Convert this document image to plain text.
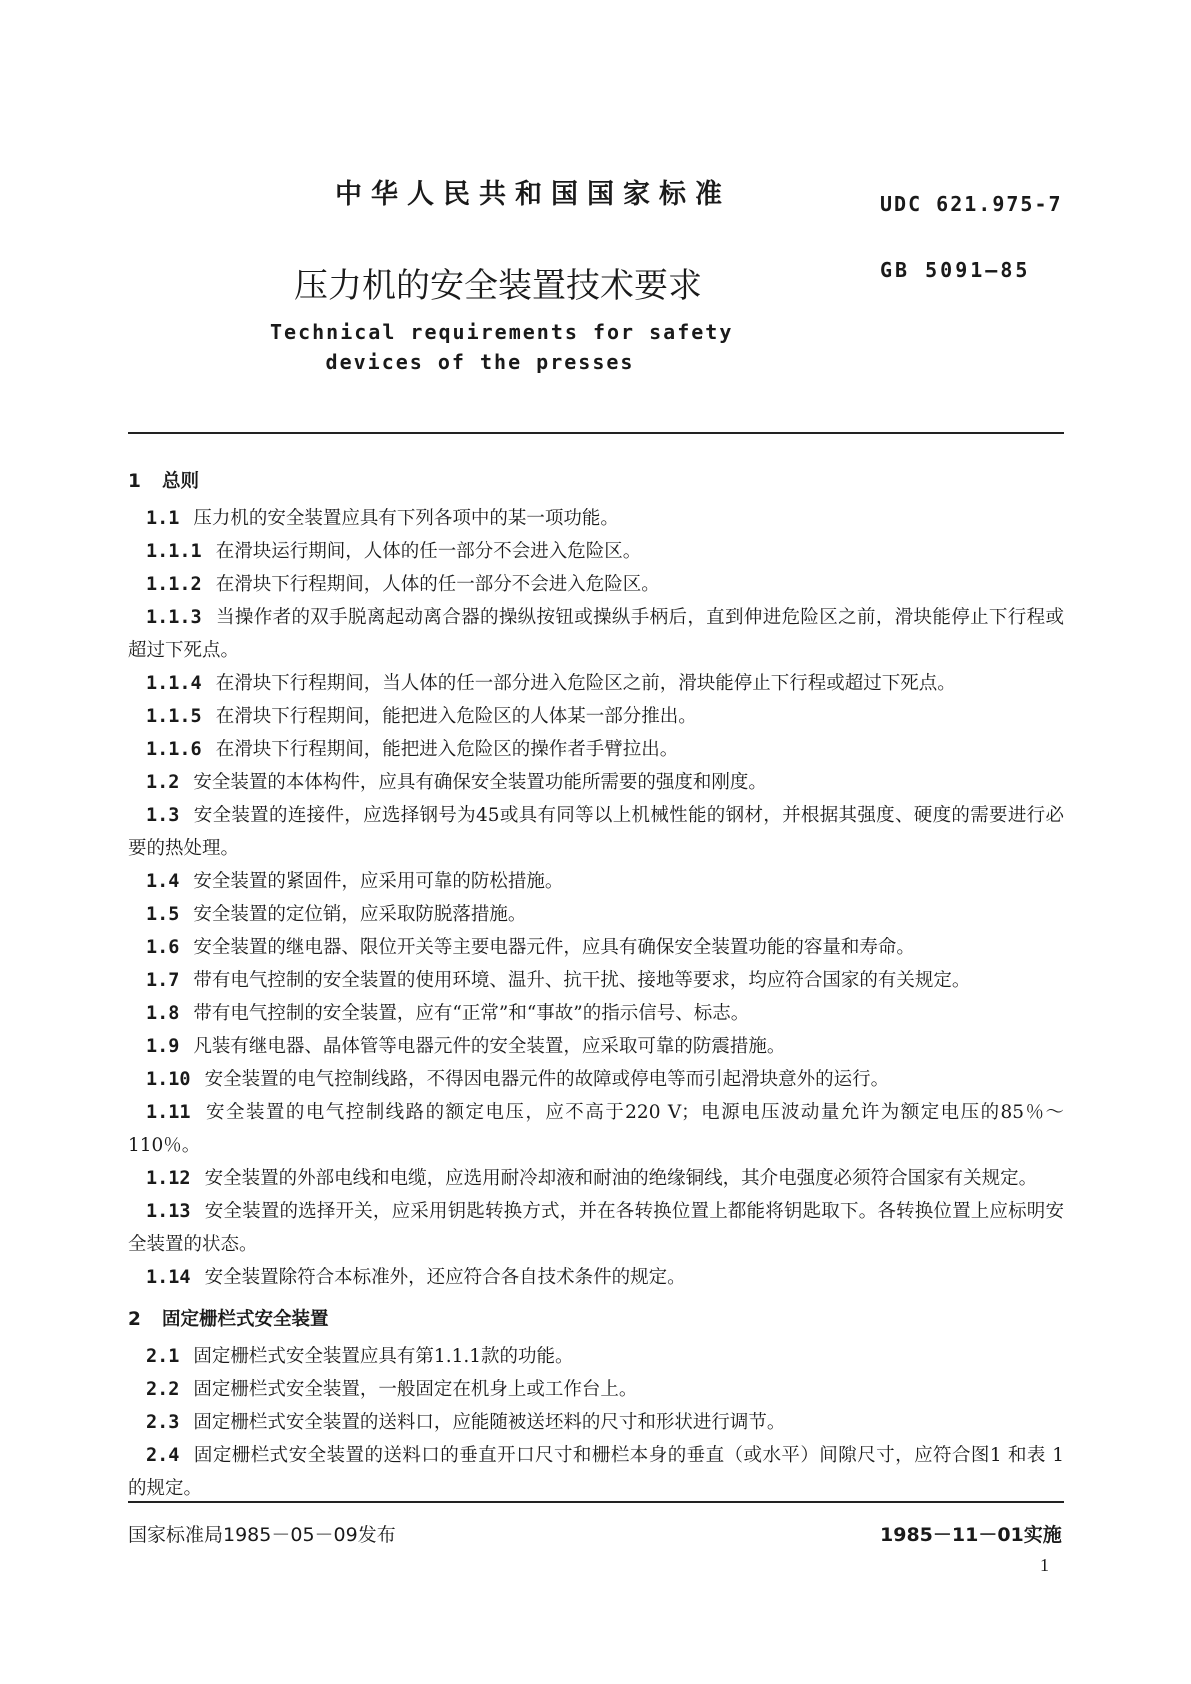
中华人民共和国国家标准	UDC 621.975-7
压力机的安全装置技术要求	GB 5091—85
Technical requirements for safety
devices of the presses
1 总则

1.1 压力机的安全装置应具有下列各项中的某一项功能。

1.1.1 在滑块运行期间，人体的任一部分不会进入危险区。

1.1.2 在滑块下行程期间，人体的任一部分不会进入危险区。

1.1.3 当操作者的双手脱离起动离合器的操纵按钮或操纵手柄后，直到伸进危险区之前，滑块能停止下行程或超过下死点。

1.1.4 在滑块下行程期间，当人体的任一部分进入危险区之前，滑块能停止下行程或超过下死点。

1.1.5 在滑块下行程期间，能把进入危险区的人体某一部分推出。

1.1.6 在滑块下行程期间，能把进入危险区的操作者手臂拉出。

1.2 安全装置的本体构件，应具有确保安全装置功能所需要的强度和刚度。

1.3 安全装置的连接件，应选择钢号为45或具有同等以上机械性能的钢材，并根据其强度、硬度的需要进行必要的热处理。

1.4 安全装置的紧固件，应采用可靠的防松措施。

1.5 安全装置的定位销，应采取防脱落措施。

1.6 安全装置的继电器、限位开关等主要电器元件，应具有确保安全装置功能的容量和寿命。

1.7 带有电气控制的安全装置的使用环境、温升、抗干扰、接地等要求，均应符合国家的有关规定。

1.8 带有电气控制的安全装置，应有“正常”和“事故”的指示信号、标志。

1.9 凡装有继电器、晶体管等电器元件的安全装置，应采取可靠的防震措施。

1.10 安全装置的电气控制线路，不得因电器元件的故障或停电等而引起滑块意外的运行。

1.11 安全装置的电气控制线路的额定电压，应不高于220 V；电源电压波动量允许为额定电压的85％～110％。

1.12 安全装置的外部电线和电缆，应选用耐冷却液和耐油的绝缘铜线，其介电强度必须符合国家有关规定。

1.13 安全装置的选择开关，应采用钥匙转换方式，并在各转换位置上都能将钥匙取下。各转换位置上应标明安全装置的状态。

1.14 安全装置除符合本标准外，还应符合各自技术条件的规定。

2 固定栅栏式安全装置

2.1 固定栅栏式安全装置应具有第1.1.1款的功能。

2.2 固定栅栏式安全装置，一般固定在机身上或工作台上。

2.3 固定栅栏式安全装置的送料口，应能随被送坯料的尺寸和形状进行调节。

2.4 固定栅栏式安全装置的送料口的垂直开口尺寸和栅栏本身的垂直（或水平）间隙尺寸，应符合图1 和表 1 的规定。

国家标准局1985－05－09发布	1985－11－01实施
1
